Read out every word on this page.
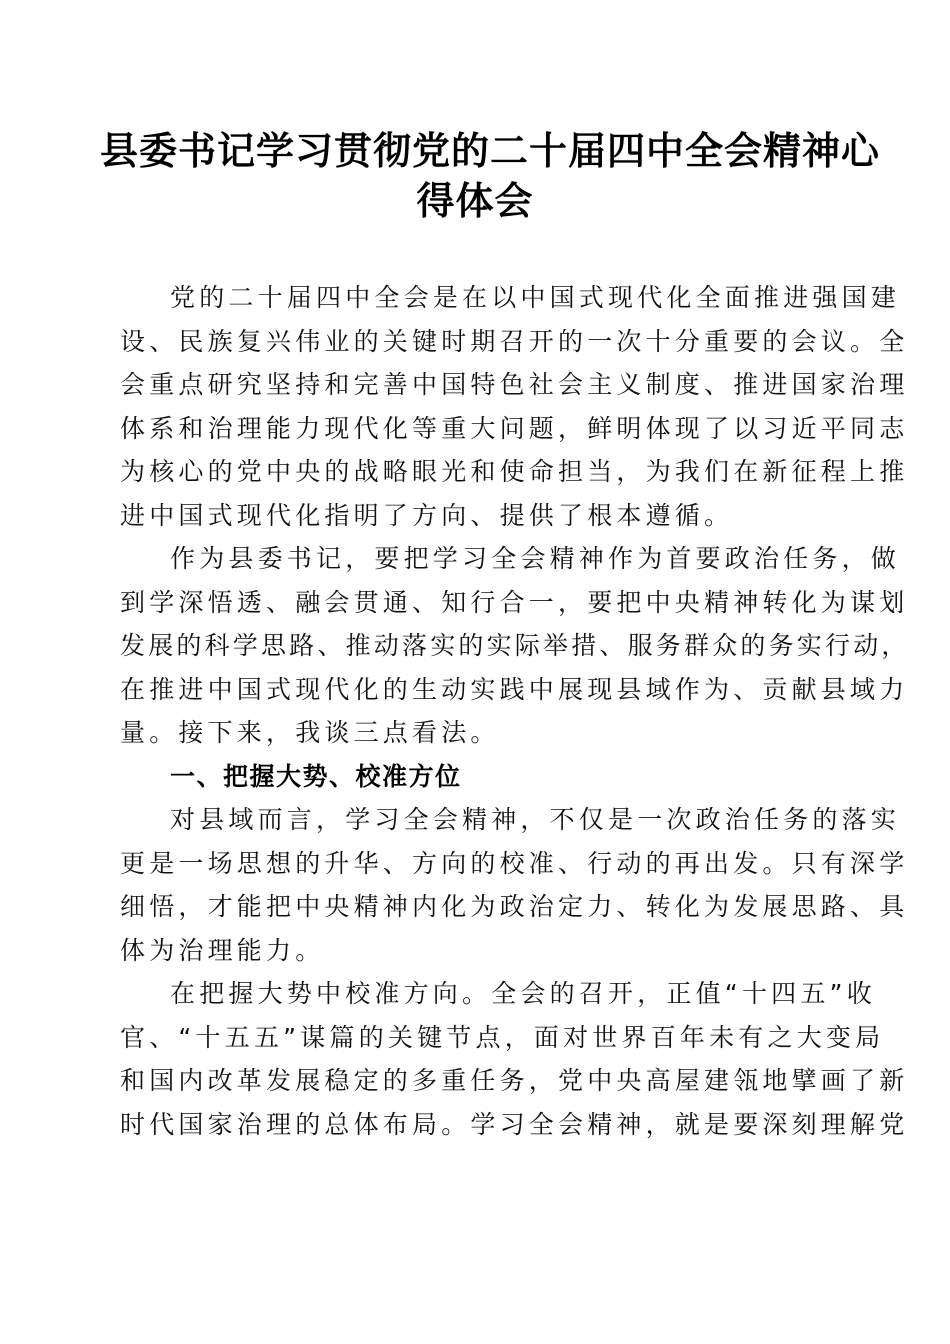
县委书记学习贯彻党的二十届四中全会精神心
得体会

党的二十届四中全会是在以中国式现代化全面推进强国建
设、民族复兴伟业的关键时期召开的一次十分重要的会议。全
会重点研究坚持和完善中国特色社会主义制度、推进国家治理
体系和治理能力现代化等重大问题，鲜明体现了以习近平同志
为核心的党中央的战略眼光和使命担当，为我们在新征程上推
进中国式现代化指明了方向、提供了根本遵循。

作为县委书记，要把学习全会精神作为首要政治任务，做
到学深悟透、融会贯通、知行合一，要把中央精神转化为谋划
发展的科学思路、推动落实的实际举措、服务群众的务实行动，
在推进中国式现代化的生动实践中展现县域作为、贡献县域力
量。接下来，我谈三点看法。

一、把握大势、校准方位

对县域而言，学习全会精神，不仅是一次政治任务的落实
更是一场思想的升华、方向的校准、行动的再出发。只有深学
细悟，才能把中央精神内化为政治定力、转化为发展思路、具
体为治理能力。

在把握大势中校准方向。全会的召开，正值“十四五”收
官、“十五五”谋篇的关键节点，面对世界百年未有之大变局
和国内改革发展稳定的多重任务，党中央高屋建瓴地擘画了新
时代国家治理的总体布局。学习全会精神，就是要深刻理解党
